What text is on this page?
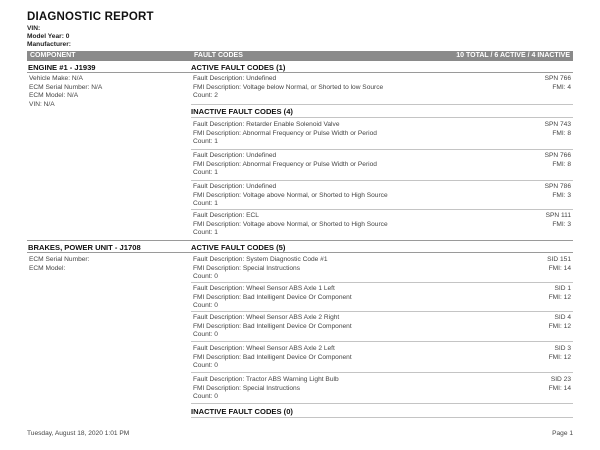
DIAGNOSTIC REPORT
VIN:
Model Year: 0
Manufacturer:
COMPONENT	FAULT CODES	10 TOTAL / 6 ACTIVE / 4 INACTIVE
ENGINE #1 - J1939	ACTIVE FAULT CODES (1)
Vehicle Make: N/A
ECM Serial Number: N/A
ECM Model: N/A
VIN: N/A
Fault Description: Undefined	SPN 766
FMI Description: Voltage below Normal, or Shorted to low Source	FMI: 4
Count: 2
INACTIVE FAULT CODES (4)
Fault Description: Retarder Enable Solenoid Valve	SPN 743
FMI Description: Abnormal Frequency or Pulse Width or Period	FMI: 8
Count: 1
Fault Description: Undefined	SPN 766
FMI Description: Abnormal Frequency or Pulse Width or Period	FMI: 8
Count: 1
Fault Description: Undefined	SPN 786
FMI Description: Voltage above Normal, or Shorted to High Source	FMI: 3
Count: 1
Fault Description: ECL	SPN 111
FMI Description: Voltage above Normal, or Shorted to High Source	FMI: 3
Count: 1
BRAKES, POWER UNIT - J1708	ACTIVE FAULT CODES (5)
ECM Serial Number:
ECM Model:
Fault Description: System Diagnostic Code #1	SID 151
FMI Description: Special Instructions	FMI: 14
Count: 0
Fault Description: Wheel Sensor ABS Axle 1 Left	SID 1
FMI Description: Bad Intelligent Device Or Component	FMI: 12
Count: 0
Fault Description: Wheel Sensor ABS Axle 2 Right	SID 4
FMI Description: Bad Intelligent Device Or Component	FMI: 12
Count: 0
Fault Description: Wheel Sensor ABS Axle 2 Left	SID 3
FMI Description: Bad Intelligent Device Or Component	FMI: 12
Count: 0
Fault Description: Tractor ABS Warning Light Bulb	SID 23
FMI Description: Special Instructions	FMI: 14
Count: 0
INACTIVE FAULT CODES (0)
Tuesday, August 18, 2020 1:01 PM	Page 1
